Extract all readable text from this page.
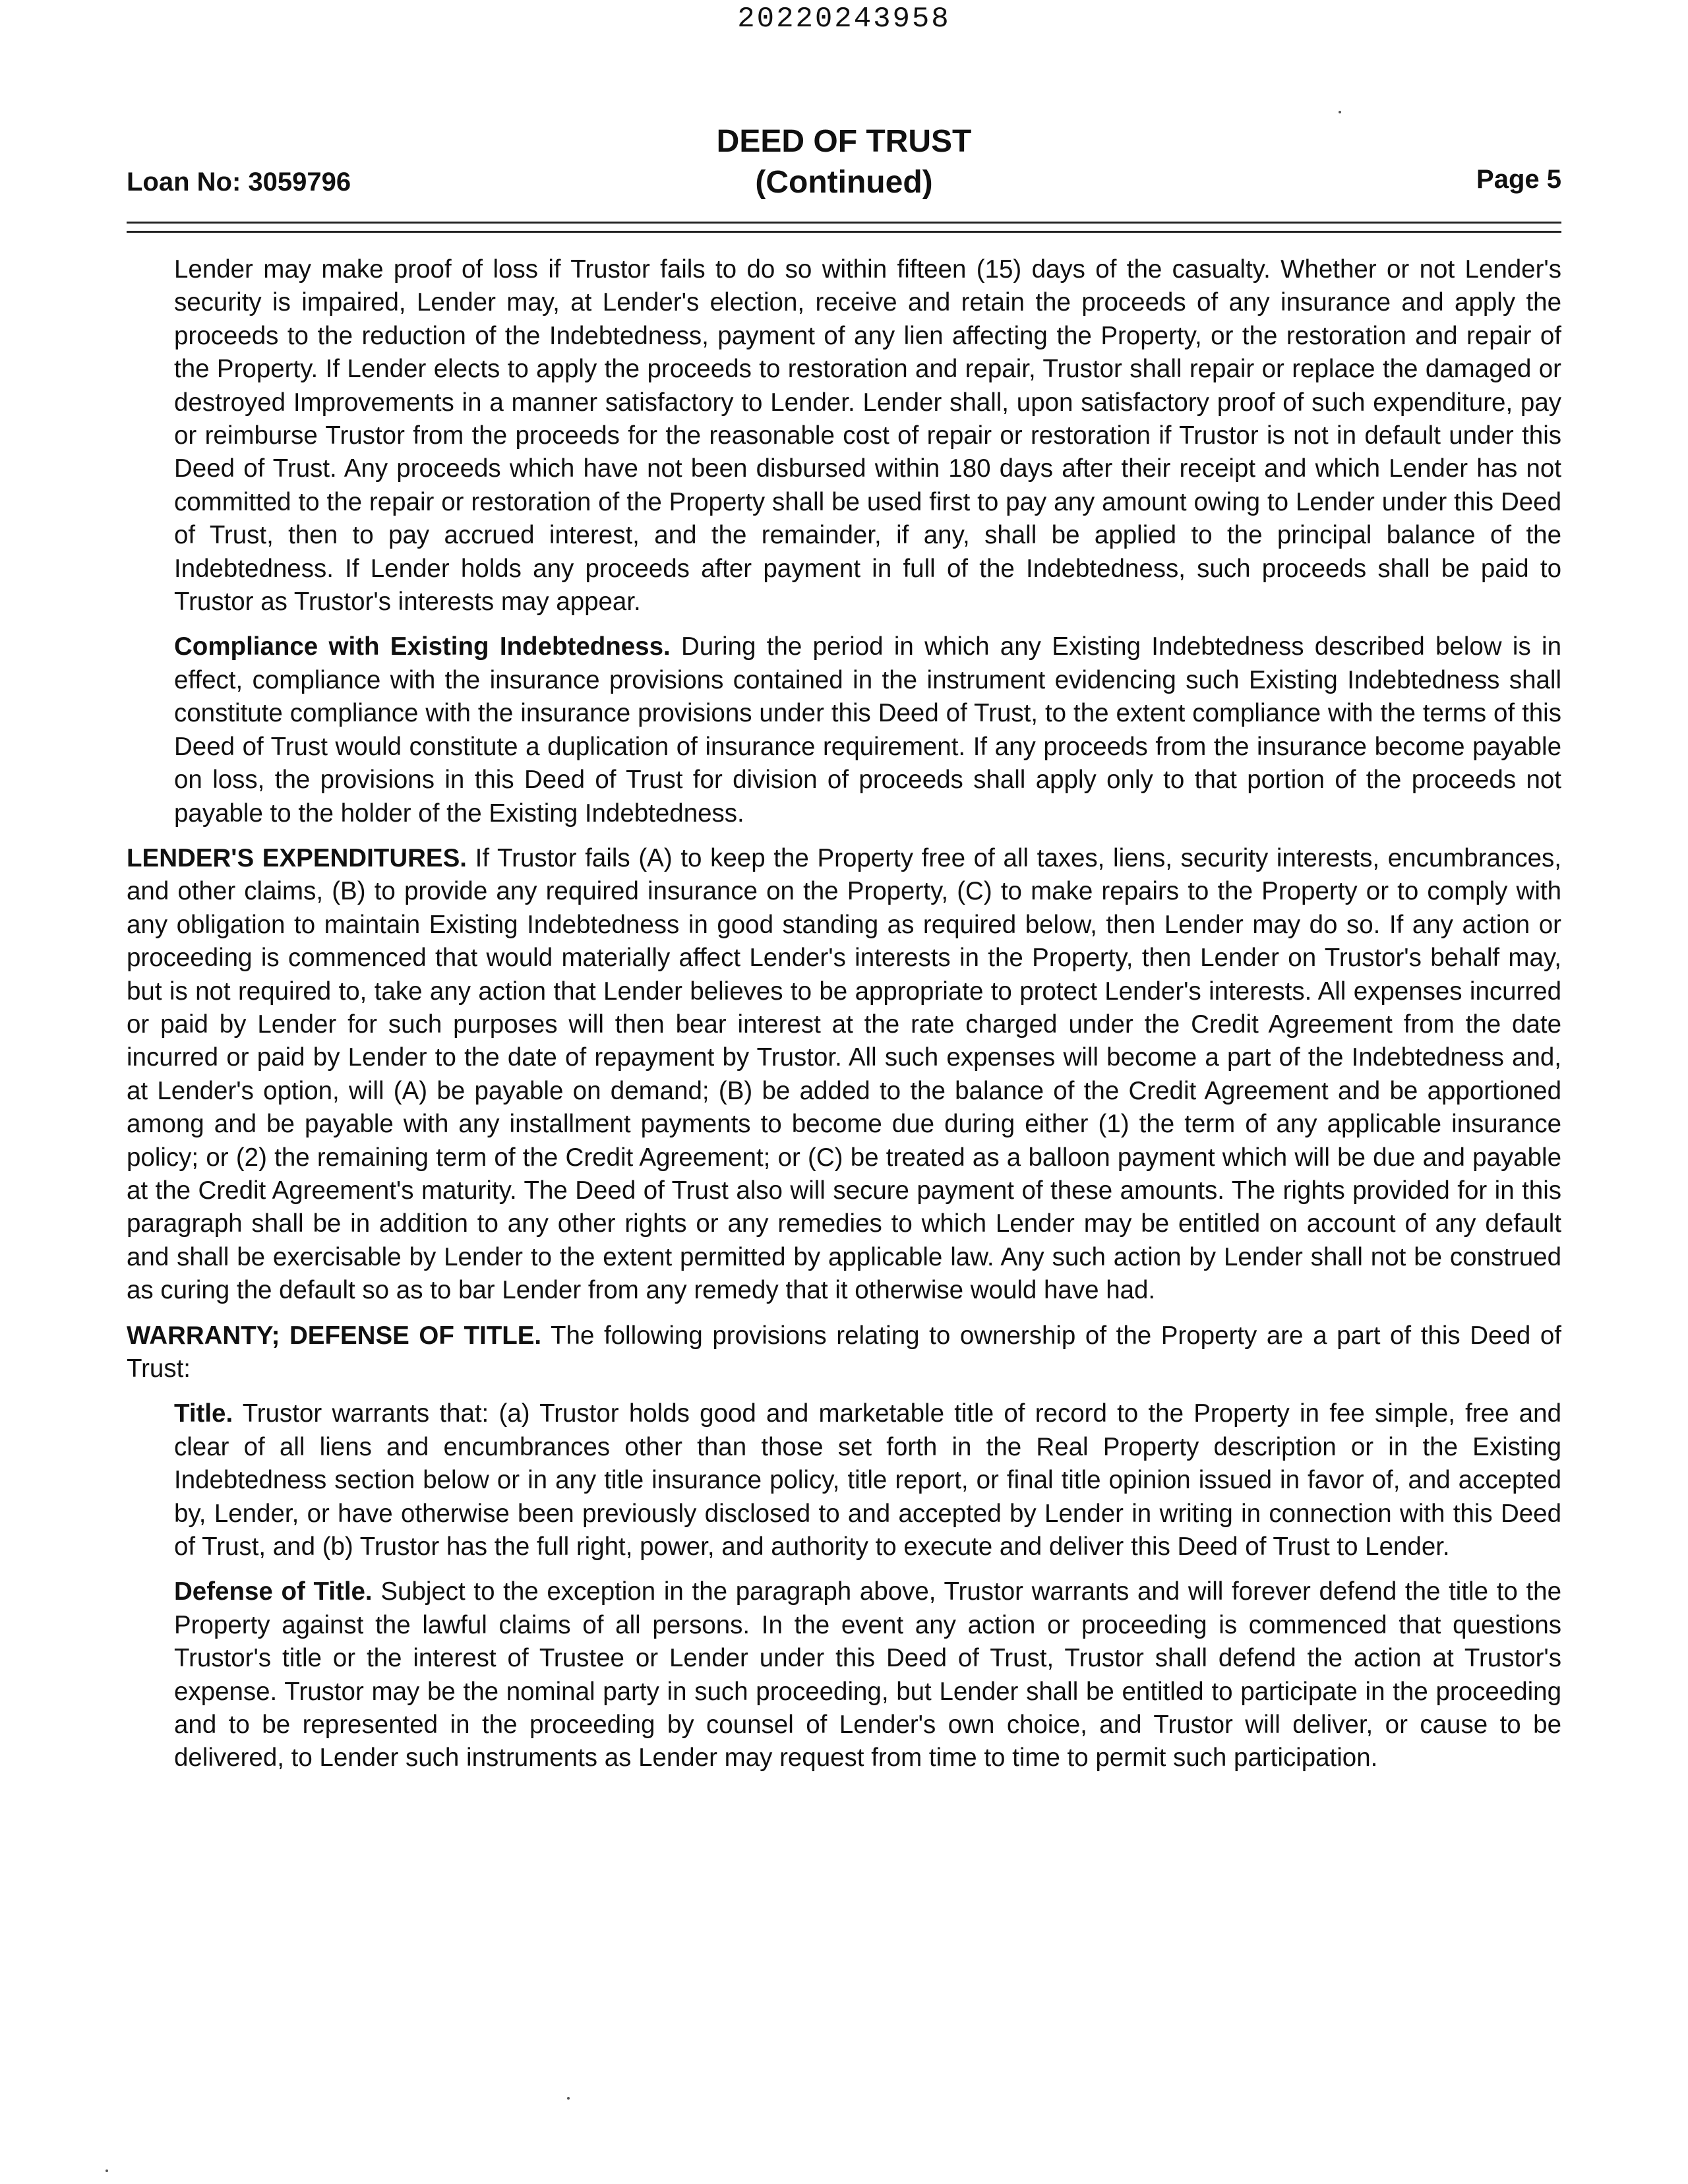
20220243958
Loan No: 3059796
DEED OF TRUST
(Continued)	Page 5

Lender may make proof of loss if Trustor fails to do so within fifteen (15) days of the casualty. Whether or not Lender's security is impaired, Lender may, at Lender's election, receive and retain the proceeds of any insurance and apply the proceeds to the reduction of the Indebtedness, payment of any lien affecting the Property, or the restoration and repair of the Property. If Lender elects to apply the proceeds to restoration and repair, Trustor shall repair or replace the damaged or destroyed Improvements in a manner satisfactory to Lender. Lender shall, upon satisfactory proof of such expenditure, pay or reimburse Trustor from the proceeds for the reasonable cost of repair or restoration if Trustor is not in default under this Deed of Trust. Any proceeds which have not been disbursed within 180 days after their receipt and which Lender has not committed to the repair or restoration of the Property shall be used first to pay any amount owing to Lender under this Deed of Trust, then to pay accrued interest, and the remainder, if any, shall be applied to the principal balance of the Indebtedness. If Lender holds any proceeds after payment in full of the Indebtedness, such proceeds shall be paid to Trustor as Trustor's interests may appear.

Compliance with Existing Indebtedness. During the period in which any Existing Indebtedness described below is in effect, compliance with the insurance provisions contained in the instrument evidencing such Existing Indebtedness shall constitute compliance with the insurance provisions under this Deed of Trust, to the extent compliance with the terms of this Deed of Trust would constitute a duplication of insurance requirement. If any proceeds from the insurance become payable on loss, the provisions in this Deed of Trust for division of proceeds shall apply only to that portion of the proceeds not payable to the holder of the Existing Indebtedness.

LENDER'S EXPENDITURES. If Trustor fails (A) to keep the Property free of all taxes, liens, security interests, encumbrances, and other claims, (B) to provide any required insurance on the Property, (C) to make repairs to the Property or to comply with any obligation to maintain Existing Indebtedness in good standing as required below, then Lender may do so. If any action or proceeding is commenced that would materially affect Lender's interests in the Property, then Lender on Trustor's behalf may, but is not required to, take any action that Lender believes to be appropriate to protect Lender's interests. All expenses incurred or paid by Lender for such purposes will then bear interest at the rate charged under the Credit Agreement from the date incurred or paid by Lender to the date of repayment by Trustor. All such expenses will become a part of the Indebtedness and, at Lender's option, will (A) be payable on demand; (B) be added to the balance of the Credit Agreement and be apportioned among and be payable with any installment payments to become due during either (1) the term of any applicable insurance policy; or (2) the remaining term of the Credit Agreement; or (C) be treated as a balloon payment which will be due and payable at the Credit Agreement's maturity. The Deed of Trust also will secure payment of these amounts. The rights provided for in this paragraph shall be in addition to any other rights or any remedies to which Lender may be entitled on account of any default and shall be exercisable by Lender to the extent permitted by applicable law. Any such action by Lender shall not be construed as curing the default so as to bar Lender from any remedy that it otherwise would have had.

WARRANTY; DEFENSE OF TITLE. The following provisions relating to ownership of the Property are a part of this Deed of Trust:

Title. Trustor warrants that: (a) Trustor holds good and marketable title of record to the Property in fee simple, free and clear of all liens and encumbrances other than those set forth in the Real Property description or in the Existing Indebtedness section below or in any title insurance policy, title report, or final title opinion issued in favor of, and accepted by, Lender, or have otherwise been previously disclosed to and accepted by Lender in writing in connection with this Deed of Trust, and (b) Trustor has the full right, power, and authority to execute and deliver this Deed of Trust to Lender.

Defense of Title. Subject to the exception in the paragraph above, Trustor warrants and will forever defend the title to the Property against the lawful claims of all persons. In the event any action or proceeding is commenced that questions Trustor's title or the interest of Trustee or Lender under this Deed of Trust, Trustor shall defend the action at Trustor's expense. Trustor may be the nominal party in such proceeding, but Lender shall be entitled to participate in the proceeding and to be represented in the proceeding by counsel of Lender's own choice, and Trustor will deliver, or cause to be delivered, to Lender such instruments as Lender may request from time to time to permit such participation.
